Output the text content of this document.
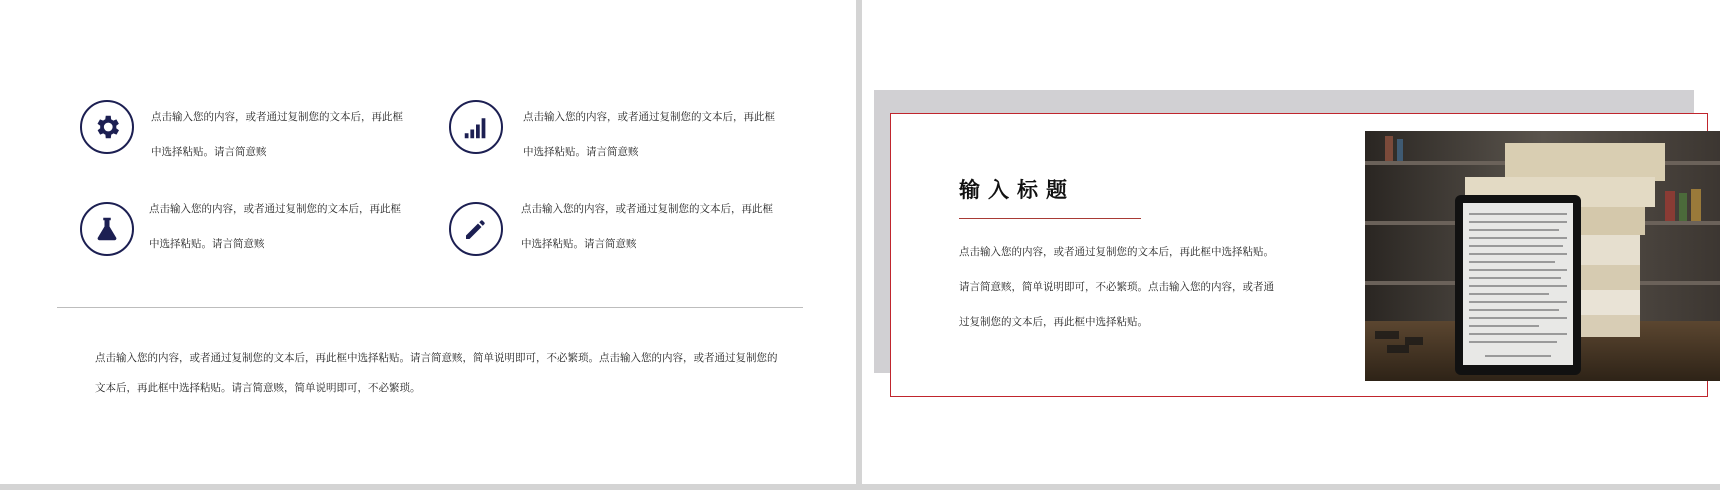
点击输入您的内容，或者通过复制您的文本后，再此框中选择粘贴。请言简意赅
点击输入您的内容，或者通过复制您的文本后，再此框中选择粘贴。请言简意赅
点击输入您的内容，或者通过复制您的文本后，再此框中选择粘贴。请言简意赅
点击输入您的内容，或者通过复制您的文本后，再此框中选择粘贴。请言简意赅
点击输入您的内容，或者通过复制您的文本后，再此框中选择粘贴。请言简意赅，简单说明即可，不必繁琐。点击输入您的内容，或者通过复制您的文本后，再此框中选择粘贴。请言简意赅，简单说明即可，不必繁琐。
输入标题
点击输入您的内容，或者通过复制您的文本后，再此框中选择粘贴。请言简意赅，简单说明即可，不必繁琐。点击输入您的内容，或者通过复制您的文本后，再此框中选择粘贴。
